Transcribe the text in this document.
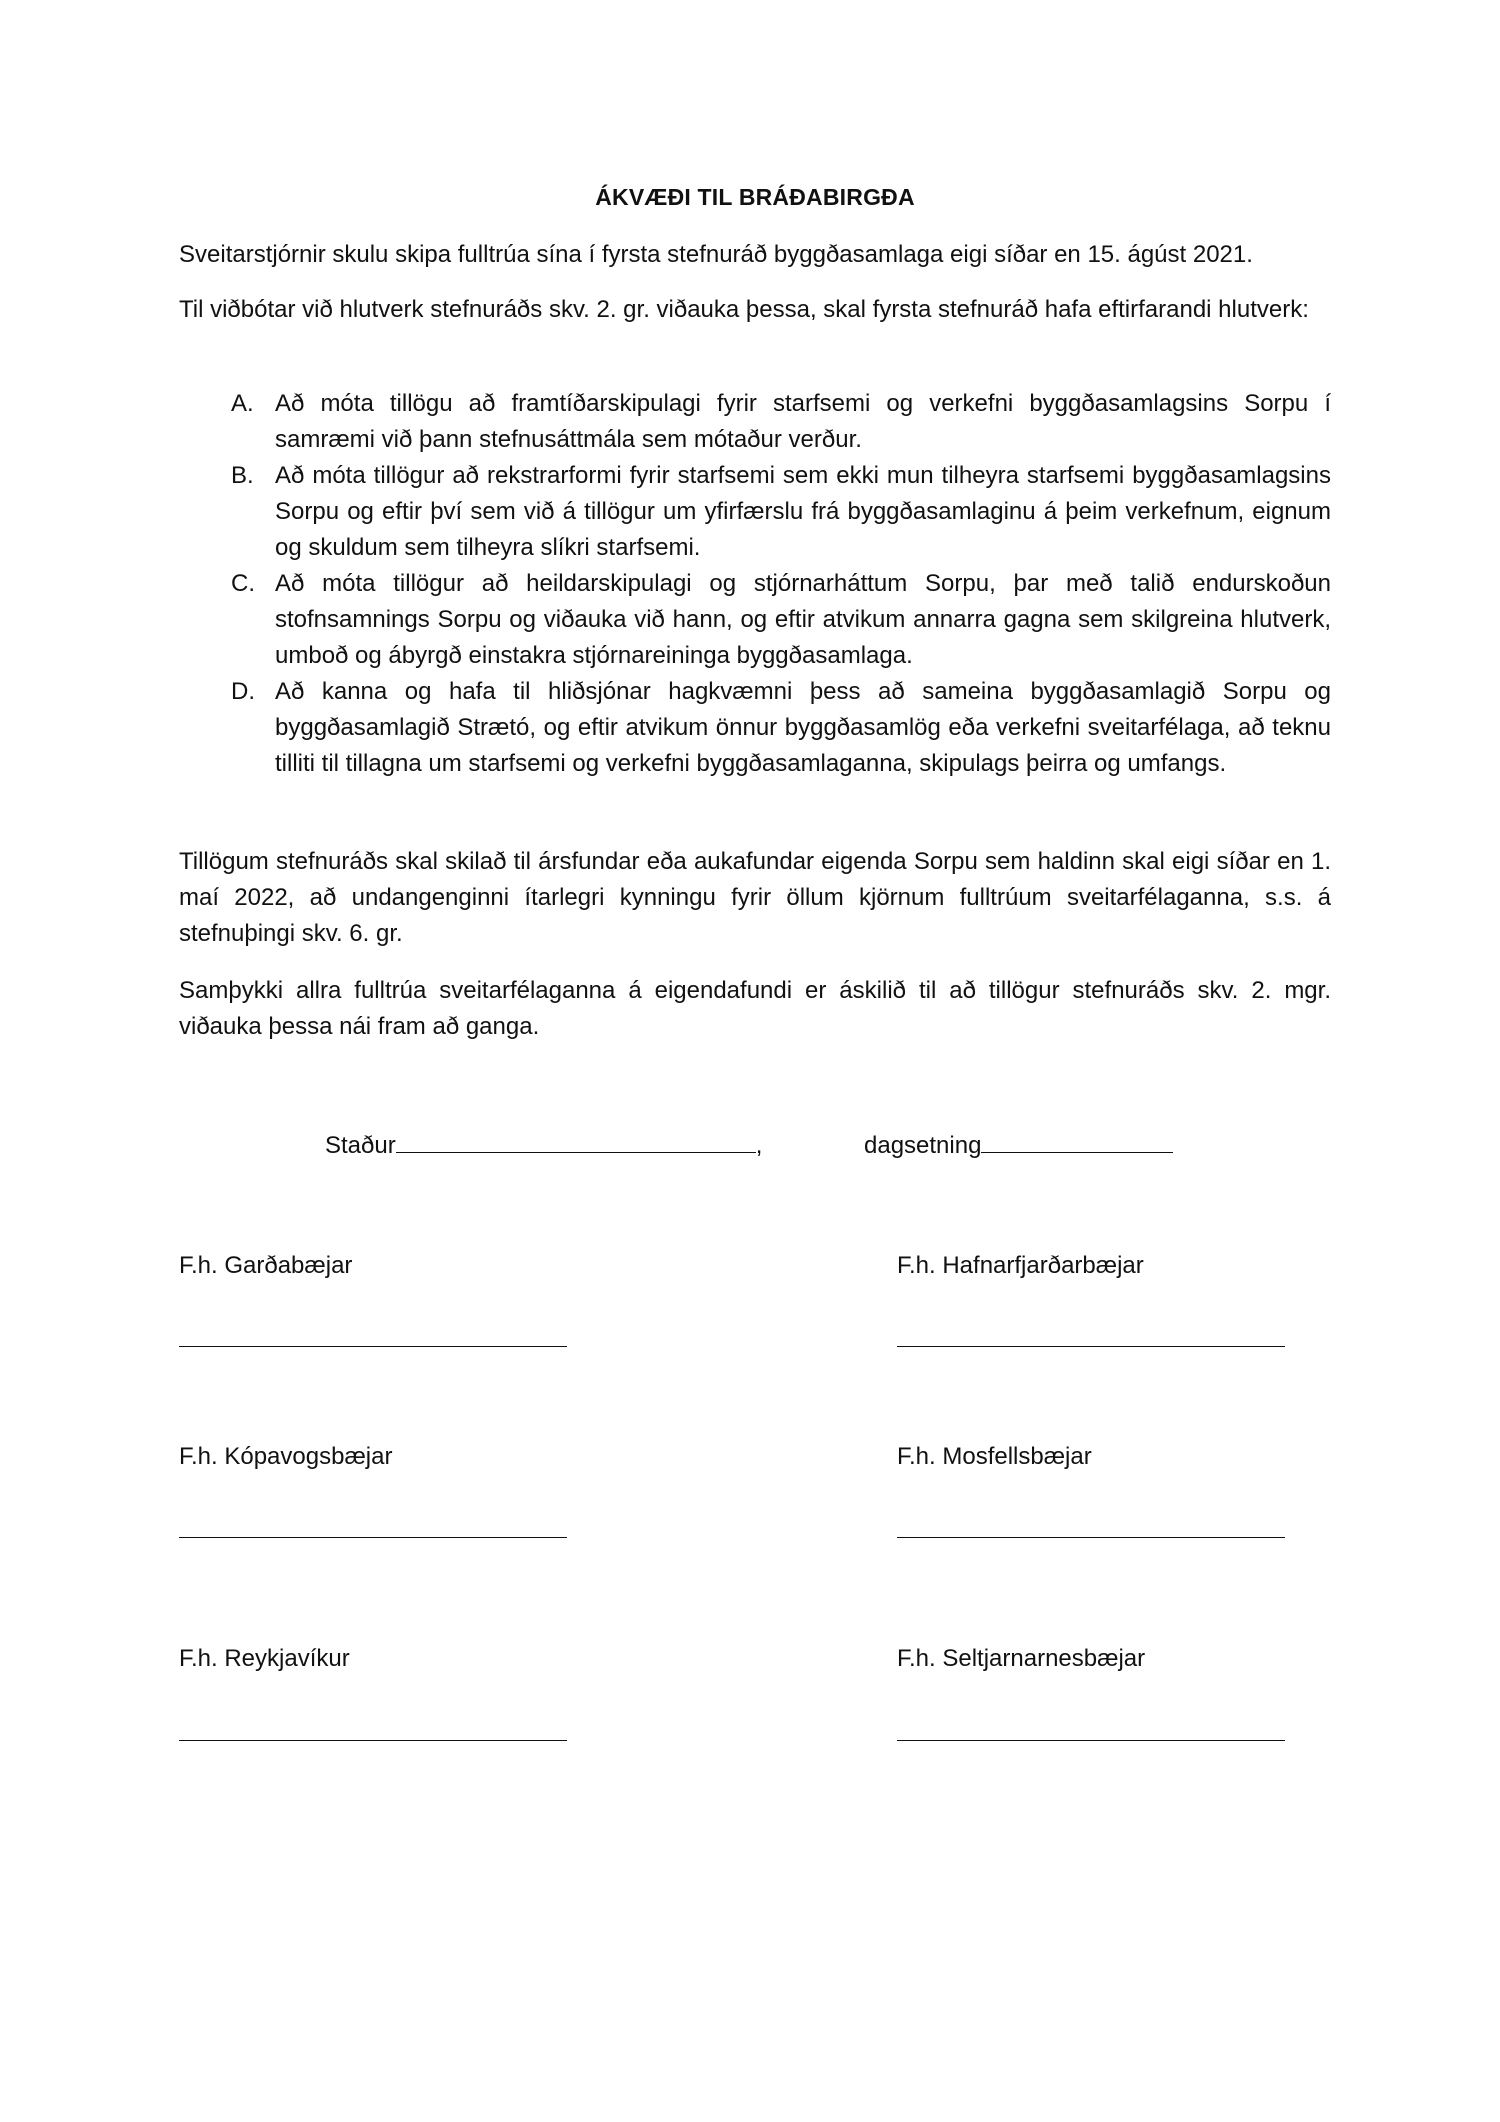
ÁKVÆÐI TIL BRÁÐABIRGÐA

Sveitarstjórnir skulu skipa fulltrúa sína í fyrsta stefnuráð byggðasamlaga eigi síðar en 15. ágúst 2021.

Til viðbótar við hlutverk stefnuráðs skv. 2. gr. viðauka þessa, skal fyrsta stefnuráð hafa eftirfarandi hlutverk:

A. Að móta tillögu að framtíðarskipulagi fyrir starfsemi og verkefni byggðasamlagsins Sorpu í samræmi við þann stefnusáttmála sem mótaður verður.
B. Að móta tillögur að rekstrarformi fyrir starfsemi sem ekki mun tilheyra starfsemi byggðasamlagsins Sorpu og eftir því sem við á tillögur um yfirfærslu frá byggðasamlaginu á þeim verkefnum, eignum og skuldum sem tilheyra slíkri starfsemi.
C. Að móta tillögur að heildarskipulagi og stjórnarháttum Sorpu, þar með talið endurskoðun stofnsamnings Sorpu og viðauka við hann, og eftir atvikum annarra gagna sem skilgreina hlutverk, umboð og ábyrgð einstakra stjórnareininga byggðasamlaga.
D. Að kanna og hafa til hliðsjónar hagkvæmni þess að sameina byggðasamlagið Sorpu og byggðasamlagið Strætó, og eftir atvikum önnur byggðasamlög eða verkefni sveitarfélaga, að teknu tilliti til tillagna um starfsemi og verkefni byggðasamlaganna, skipulags þeirra og umfangs.

Tillögum stefnuráðs skal skilað til ársfundar eða aukafundar eigenda Sorpu sem haldinn skal eigi síðar en 1. maí 2022, að undangenginni ítarlegri kynningu fyrir öllum kjörnum fulltrúum sveitarfélaganna, s.s. á stefnuþingi skv. 6. gr.

Samþykki allra fulltrúa sveitarfélaganna á eigendafundi er áskilið til að tillögur stefnuráðs skv. 2. mgr. viðauka þessa nái fram að ganga.

Staður	,	dagsetning
F.h. Garðabæjar	F.h. Hafnarfjarðarbæjar
F.h. Kópavogsbæjar	F.h. Mosfellsbæjar
F.h. Reykjavíkur	F.h. Seltjarnarnesbæjar
